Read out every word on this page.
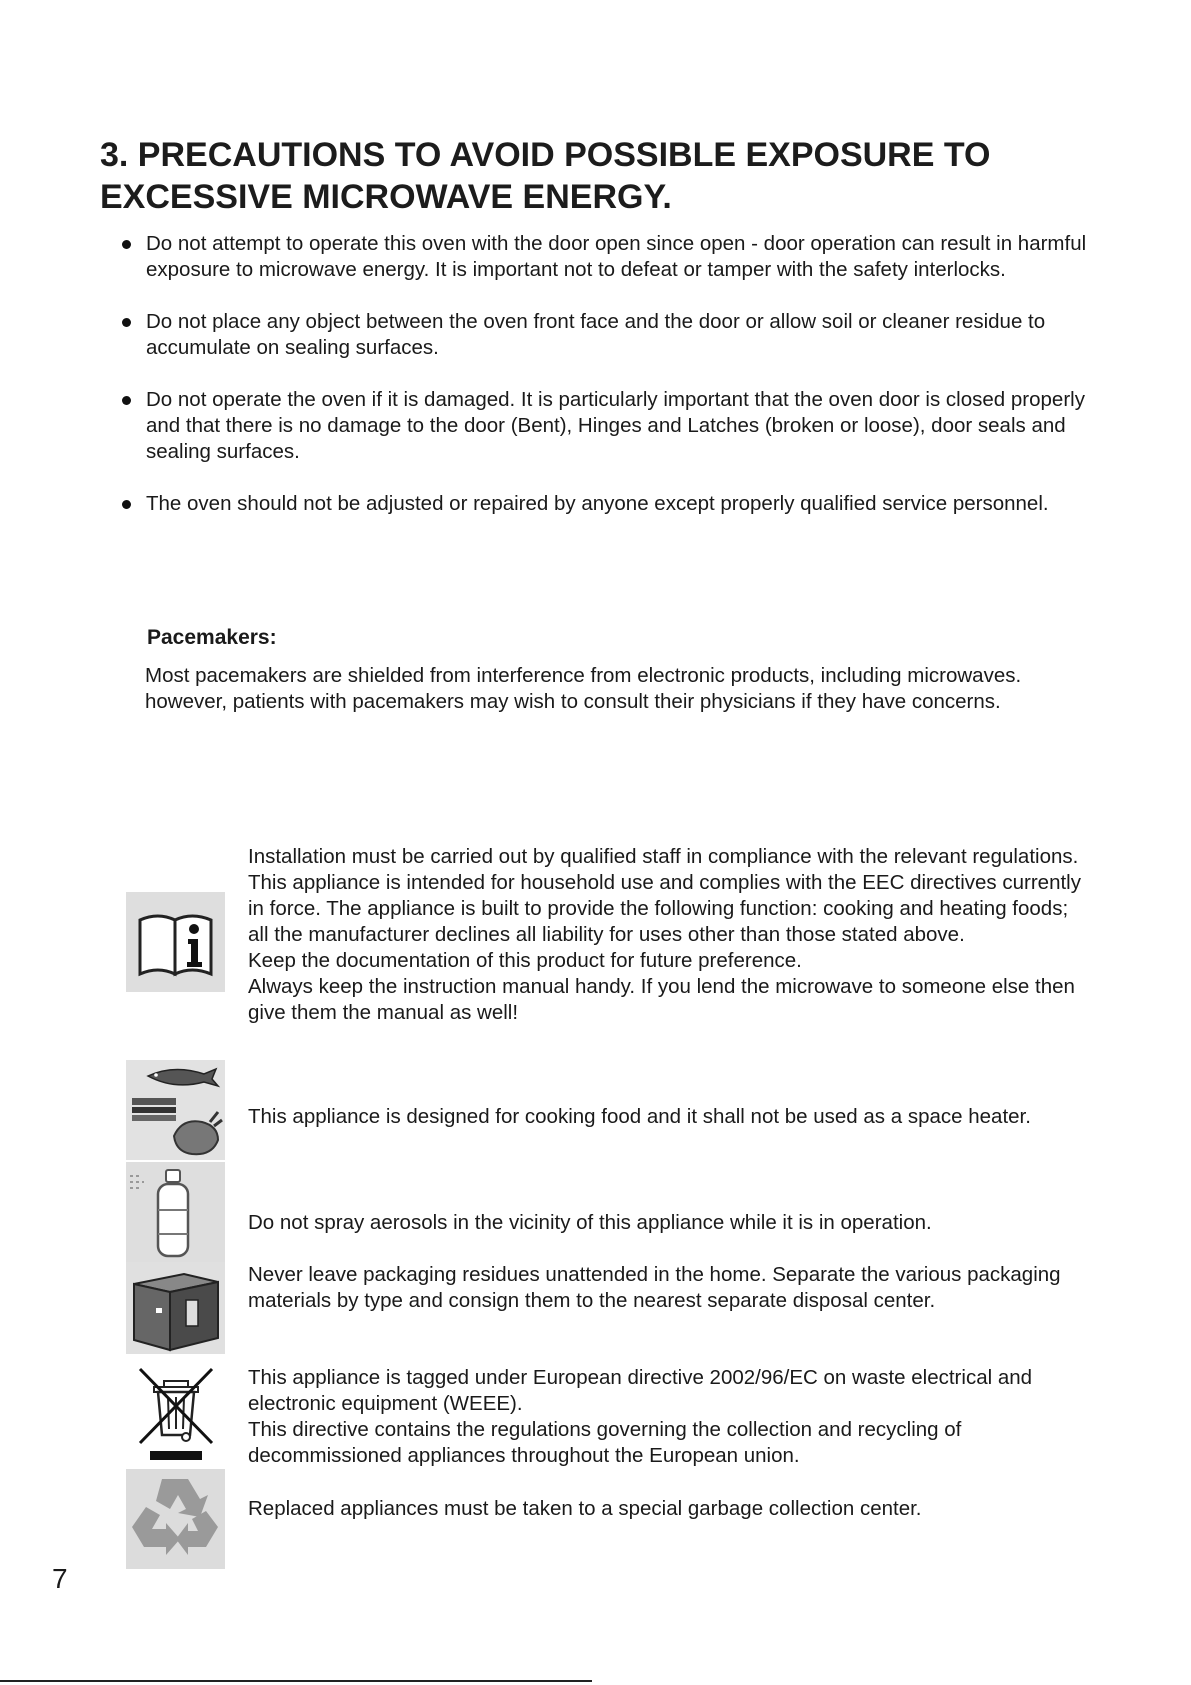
3. PRECAUTIONS TO AVOID POSSIBLE EXPOSURE TO
EXCESSIVE MICROWAVE ENERGY.
Do not attempt to operate this oven with the door open since open - door operation can result in harmful exposure to microwave energy. It is important not to defeat or tamper with the safety interlocks.
Do not place any object between the oven front face and the door or allow soil or cleaner residue to accumulate on sealing surfaces.
Do not operate the oven if it is damaged. It is particularly important that the oven door is closed properly and that there is no damage to the door (Bent), Hinges and Latches (broken or loose), door seals and sealing surfaces.
The oven should not be adjusted or repaired by anyone except properly qualified service personnel.
Pacemakers:

Most pacemakers are shielded from interference from electronic products, including microwaves. however, patients with pacemakers may wish to consult their physicians if they have concerns.

Installation must be carried out by qualified staff in compliance with the relevant regulations. This appliance is intended for household use and complies with the EEC directives currently in force. The appliance is built to provide the following function: cooking and heating foods; all the manufacturer declines all liability for uses other than those stated above.
Keep the documentation of this product for future preference.
Always keep the instruction manual handy. If you lend the microwave to someone else then give them the manual as well!

This appliance is designed for cooking food and it shall not be used as a space heater.

Do not spray aerosols in the vicinity of this appliance while it is in operation.

Never leave packaging residues unattended in the home. Separate the various packaging materials by type and consign them to the nearest separate disposal center.

This appliance is tagged under European directive 2002/96/EC on waste electrical and electronic equipment (WEEE).
This directive contains the regulations governing the collection and recycling of decommissioned appliances throughout the European union.

Replaced appliances must be taken to a special garbage collection center.

7
